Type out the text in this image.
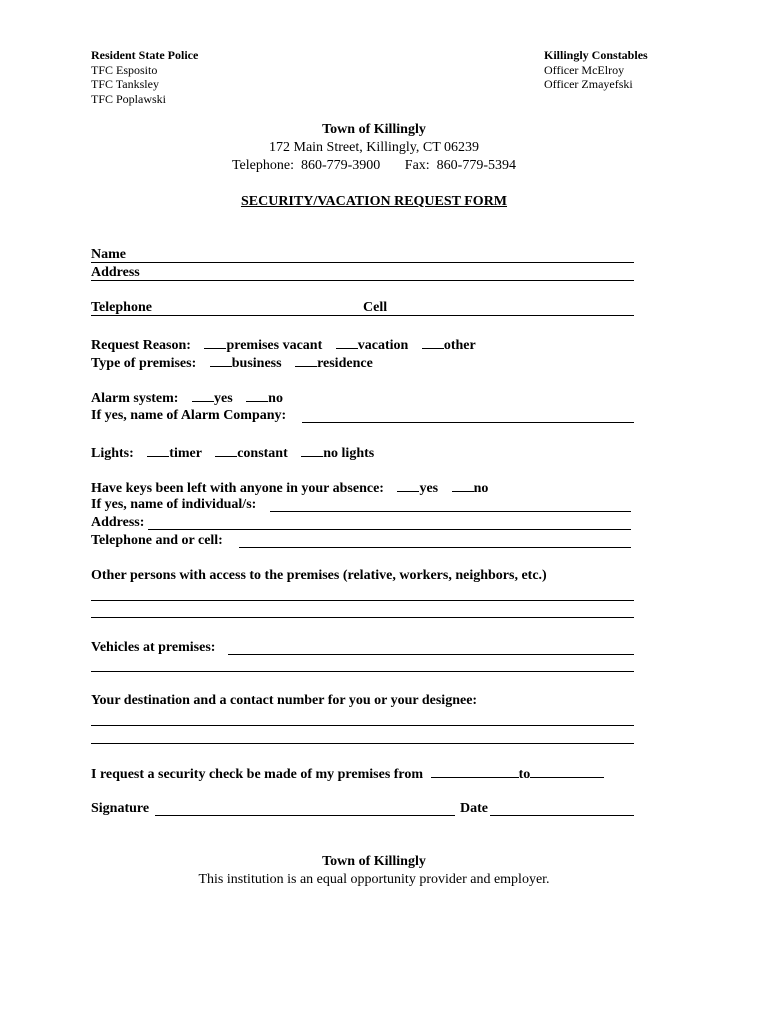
Resident State Police
TFC Esposito
TFC Tanksley
TFC Poplawski
Killingly Constables
Officer McElroy
Officer Zmayefski
Town of Killingly
172 Main Street, Killingly, CT 06239
Telephone:  860-779-3900 Fax:  860-779-5394
SECURITY/VACATION REQUEST FORM
Name
Address
Telephone	Cell
Request Reason:	premises vacant	vacation	other
Type of premises:	business	residence
Alarm system:	yes	no
If yes, name of Alarm Company:
Lights:	timer	constant	no lights
Have keys been left with anyone in your absence:	yes	no
If yes, name of individual/s:
Address:
Telephone and or cell:
Other persons with access to the premises (relative, workers, neighbors, etc.)
Vehicles at premises:
Your destination and a contact number for you or your designee:
I request a security check be made of my premises from	to
Signature	Date
Town of Killingly
This institution is an equal opportunity provider and employer.
